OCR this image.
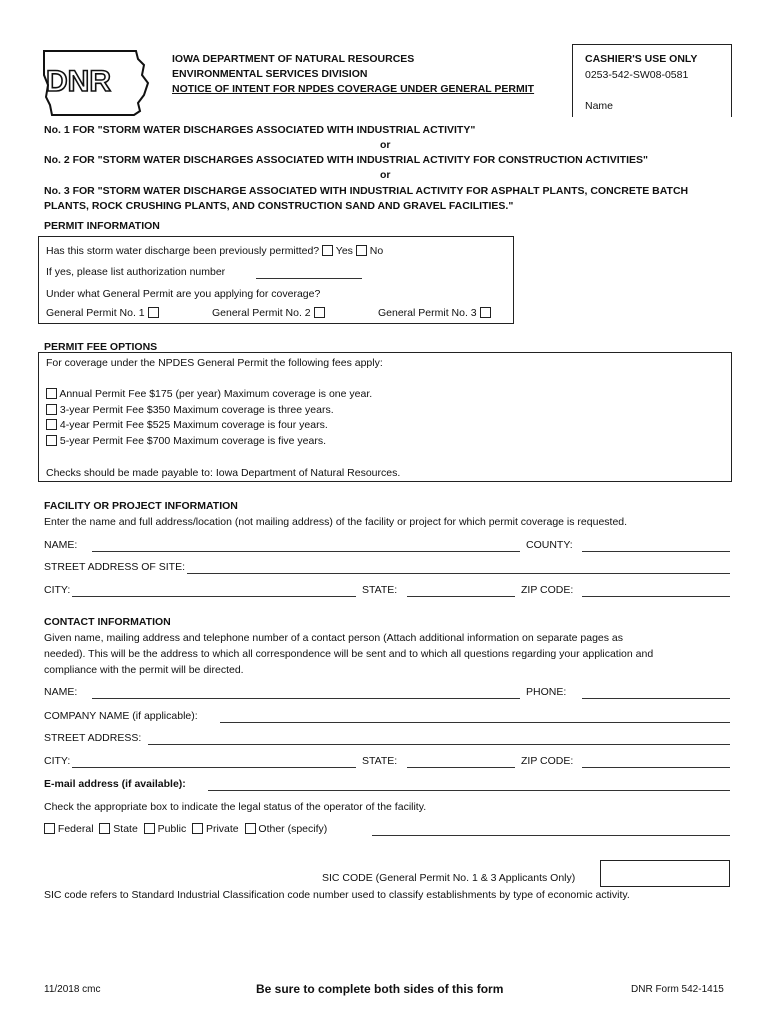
DNR
IOWA DEPARTMENT OF NATURAL RESOURCES
ENVIRONMENTAL SERVICES DIVISION
NOTICE OF INTENT FOR NPDES COVERAGE UNDER GENERAL PERMIT
CASHIER'S USE ONLY
0253-542-SW08-0581
Name
No. 1 FOR "STORM WATER DISCHARGES ASSOCIATED WITH INDUSTRIAL ACTIVITY"
or
No. 2 FOR "STORM WATER DISCHARGES ASSOCIATED WITH INDUSTRIAL ACTIVITY FOR CONSTRUCTION ACTIVITIES"
or
No. 3 FOR "STORM WATER DISCHARGE ASSOCIATED WITH INDUSTRIAL ACTIVITY FOR ASPHALT PLANTS, CONCRETE BATCH
PLANTS, ROCK CRUSHING PLANTS, AND CONSTRUCTION SAND AND GRAVEL FACILITIES."
PERMIT INFORMATION
Has this storm water discharge been previously permitted? Yes No
If yes, please list authorization number
Under what General Permit are you applying for coverage?
General Permit No. 1	General Permit No. 2	General Permit No. 3
PERMIT FEE OPTIONS
For coverage under the NPDES General Permit the following fees apply:
Annual Permit Fee $175 (per year) Maximum coverage is one year.
3-year Permit Fee $350 Maximum coverage is three years.
4-year Permit Fee $525 Maximum coverage is four years.
5-year Permit Fee $700 Maximum coverage is five years.
Checks should be made payable to: Iowa Department of Natural Resources.
FACILITY OR PROJECT INFORMATION
Enter the name and full address/location (not mailing address) of the facility or project for which permit coverage is requested.
NAME:	COUNTY:
STREET ADDRESS OF SITE:
CITY:	STATE:	ZIP CODE:
CONTACT INFORMATION
Given name, mailing address and telephone number of a contact person (Attach additional information on separate pages as
needed). This will be the address to which all correspondence will be sent and to which all questions regarding your application and
compliance with the permit will be directed.
NAME:	PHONE:
COMPANY NAME (if applicable):
STREET ADDRESS:
CITY:	STATE:	ZIP CODE:
E-mail address (if available):
Check the appropriate box to indicate the legal status of the operator of the facility.
Federal State Public Private Other (specify)
SIC CODE (General Permit No. 1 & 3 Applicants Only)
SIC code refers to Standard Industrial Classification code number used to classify establishments by type of economic activity.
11/2018 cmc	Be sure to complete both sides of this form	DNR Form 542-1415
